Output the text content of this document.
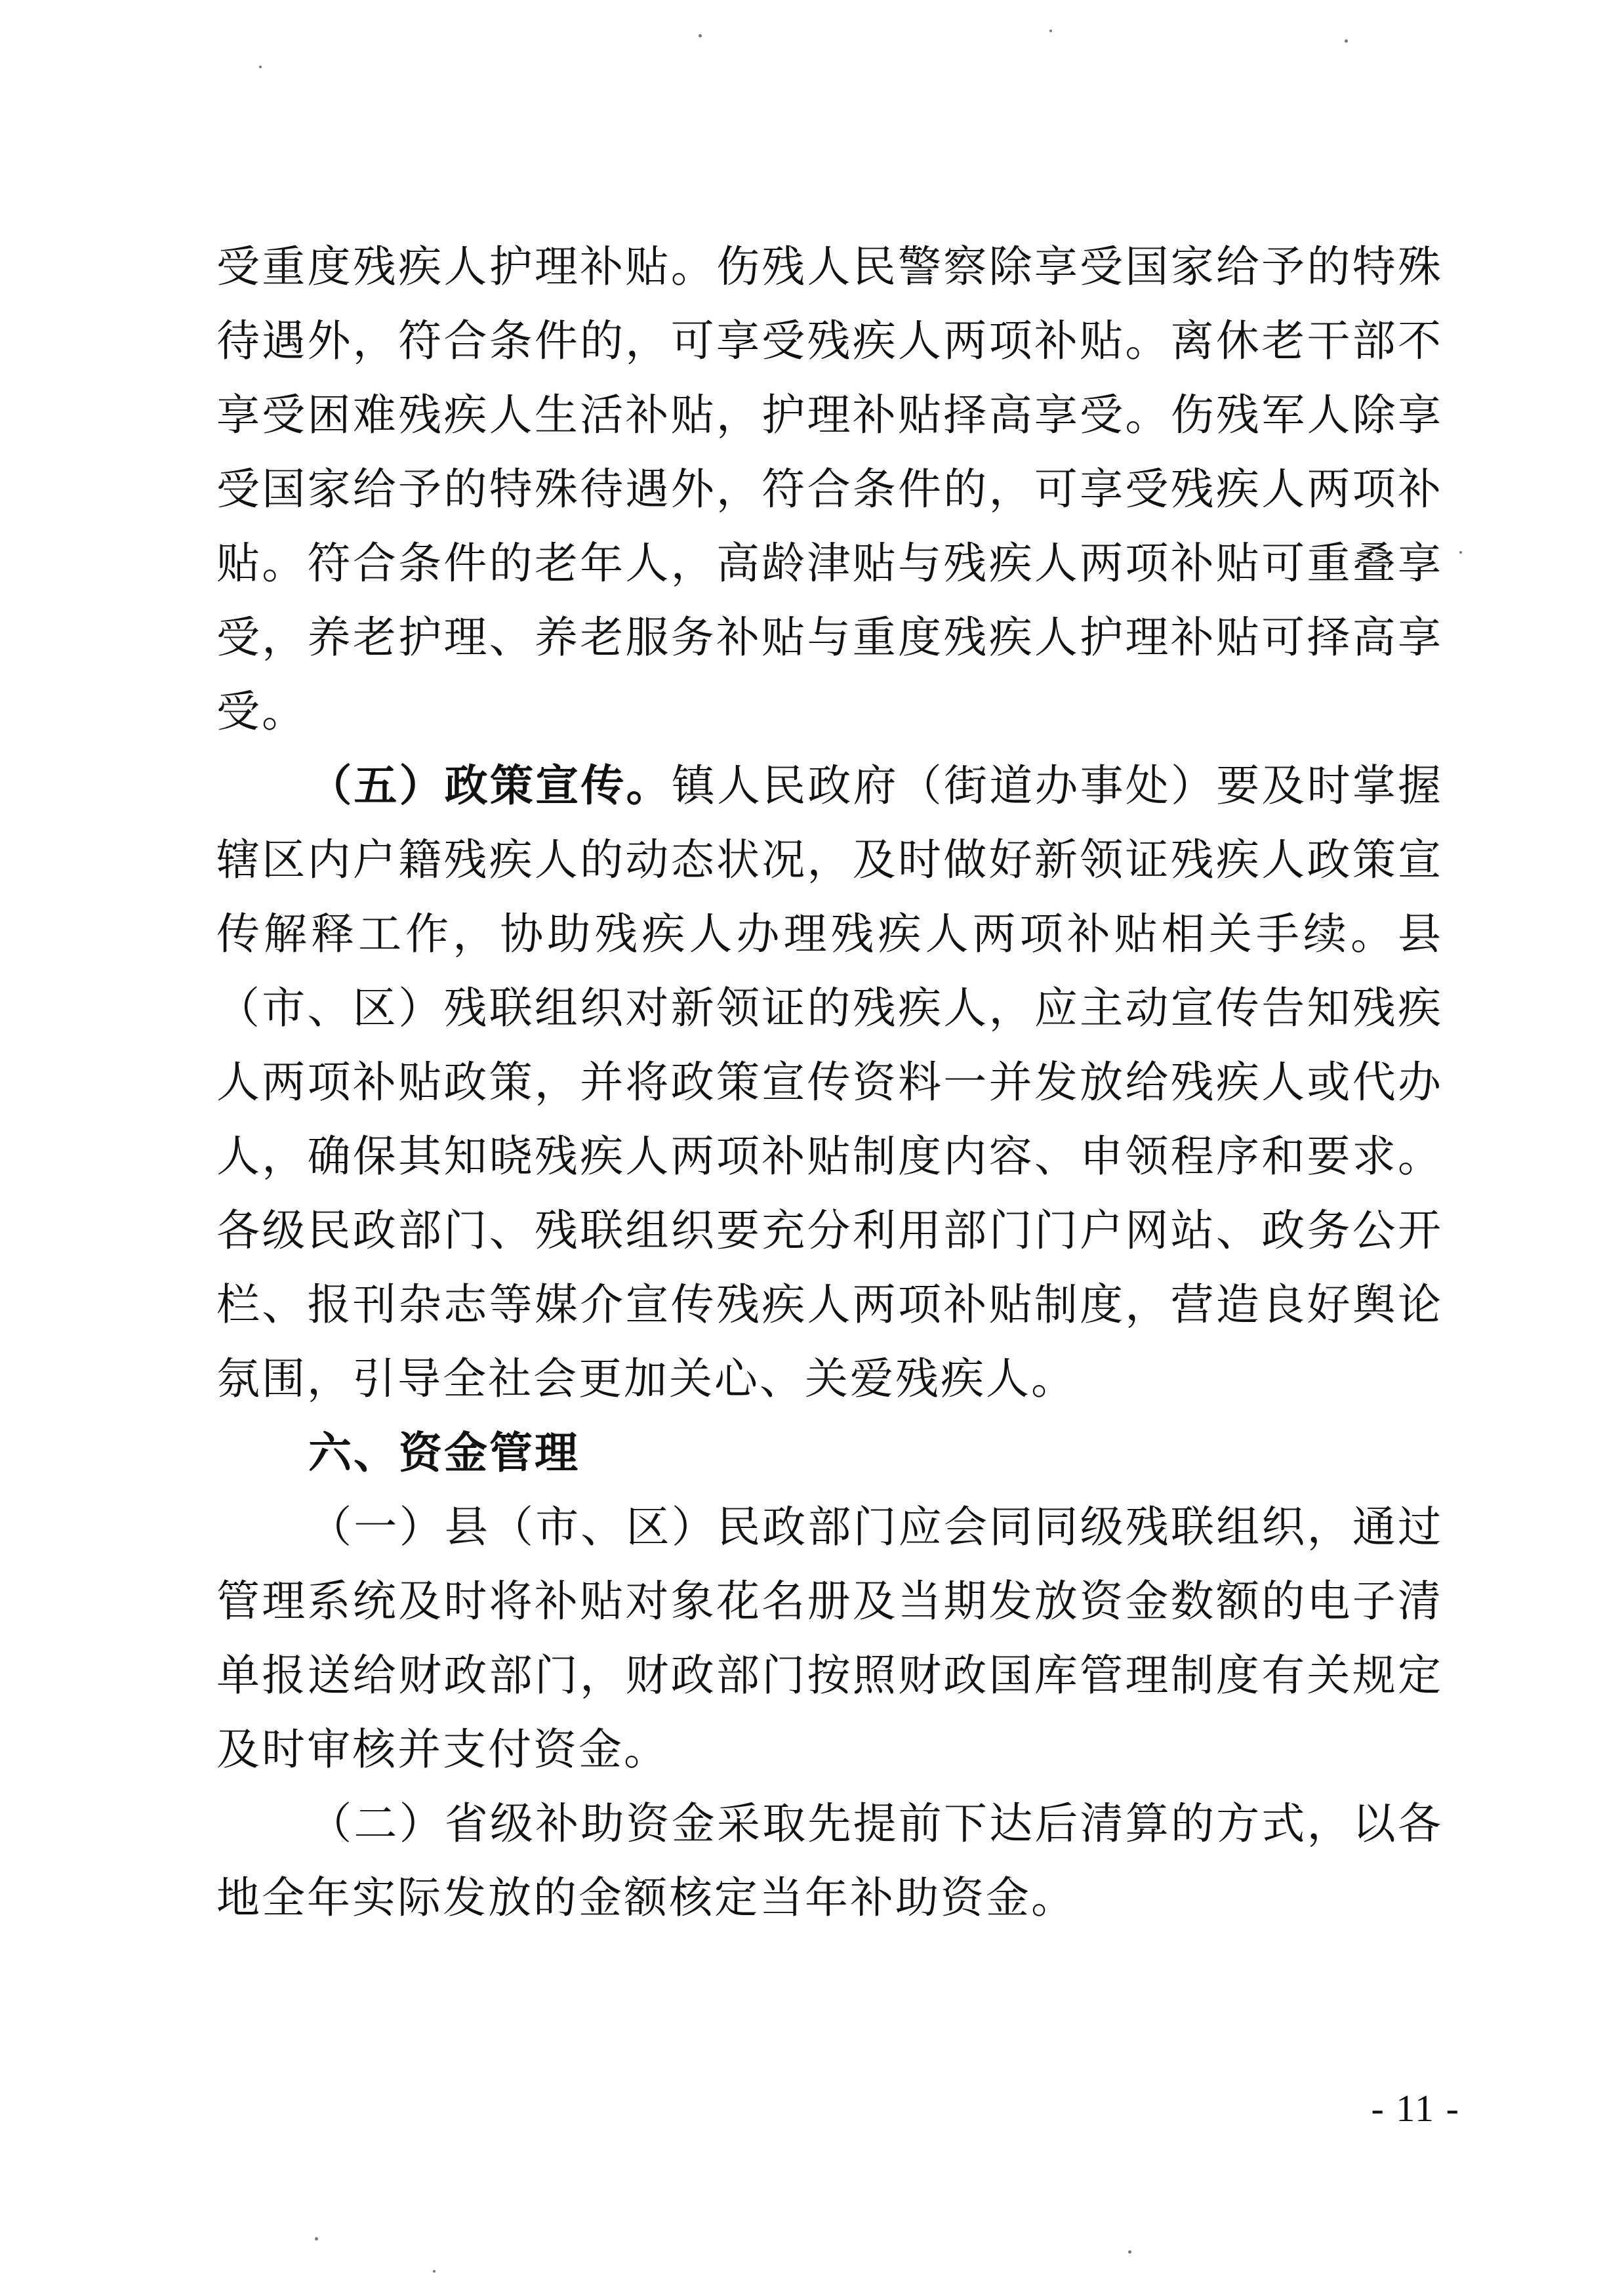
受重度残疾人护理补贴。伤残人民警察除享受国家给予的特殊待遇外，符合条件的，可享受残疾人两项补贴。离休老干部不享受困难残疾人生活补贴，护理补贴择高享受。伤残军人除享受国家给予的特殊待遇外，符合条件的，可享受残疾人两项补贴。符合条件的老年人，高龄津贴与残疾人两项补贴可重叠享受，养老护理、养老服务补贴与重度残疾人护理补贴可择高享受。

（五）政策宣传。镇人民政府（街道办事处）要及时掌握辖区内户籍残疾人的动态状况，及时做好新领证残疾人政策宣传解释工作，协助残疾人办理残疾人两项补贴相关手续。县（市、区）残联组织对新领证的残疾人，应主动宣传告知残疾人两项补贴政策，并将政策宣传资料一并发放给残疾人或代办人，确保其知晓残疾人两项补贴制度内容、申领程序和要求。各级民政部门、残联组织要充分利用部门门户网站、政务公开栏、报刊杂志等媒介宣传残疾人两项补贴制度，营造良好舆论氛围，引导全社会更加关心、关爱残疾人。

六、资金管理

（一）县（市、区）民政部门应会同同级残联组织，通过管理系统及时将补贴对象花名册及当期发放资金数额的电子清单报送给财政部门，财政部门按照财政国库管理制度有关规定及时审核并支付资金。

（二）省级补助资金采取先提前下达后清算的方式，以各地全年实际发放的金额核定当年补助资金。

- 11 -
